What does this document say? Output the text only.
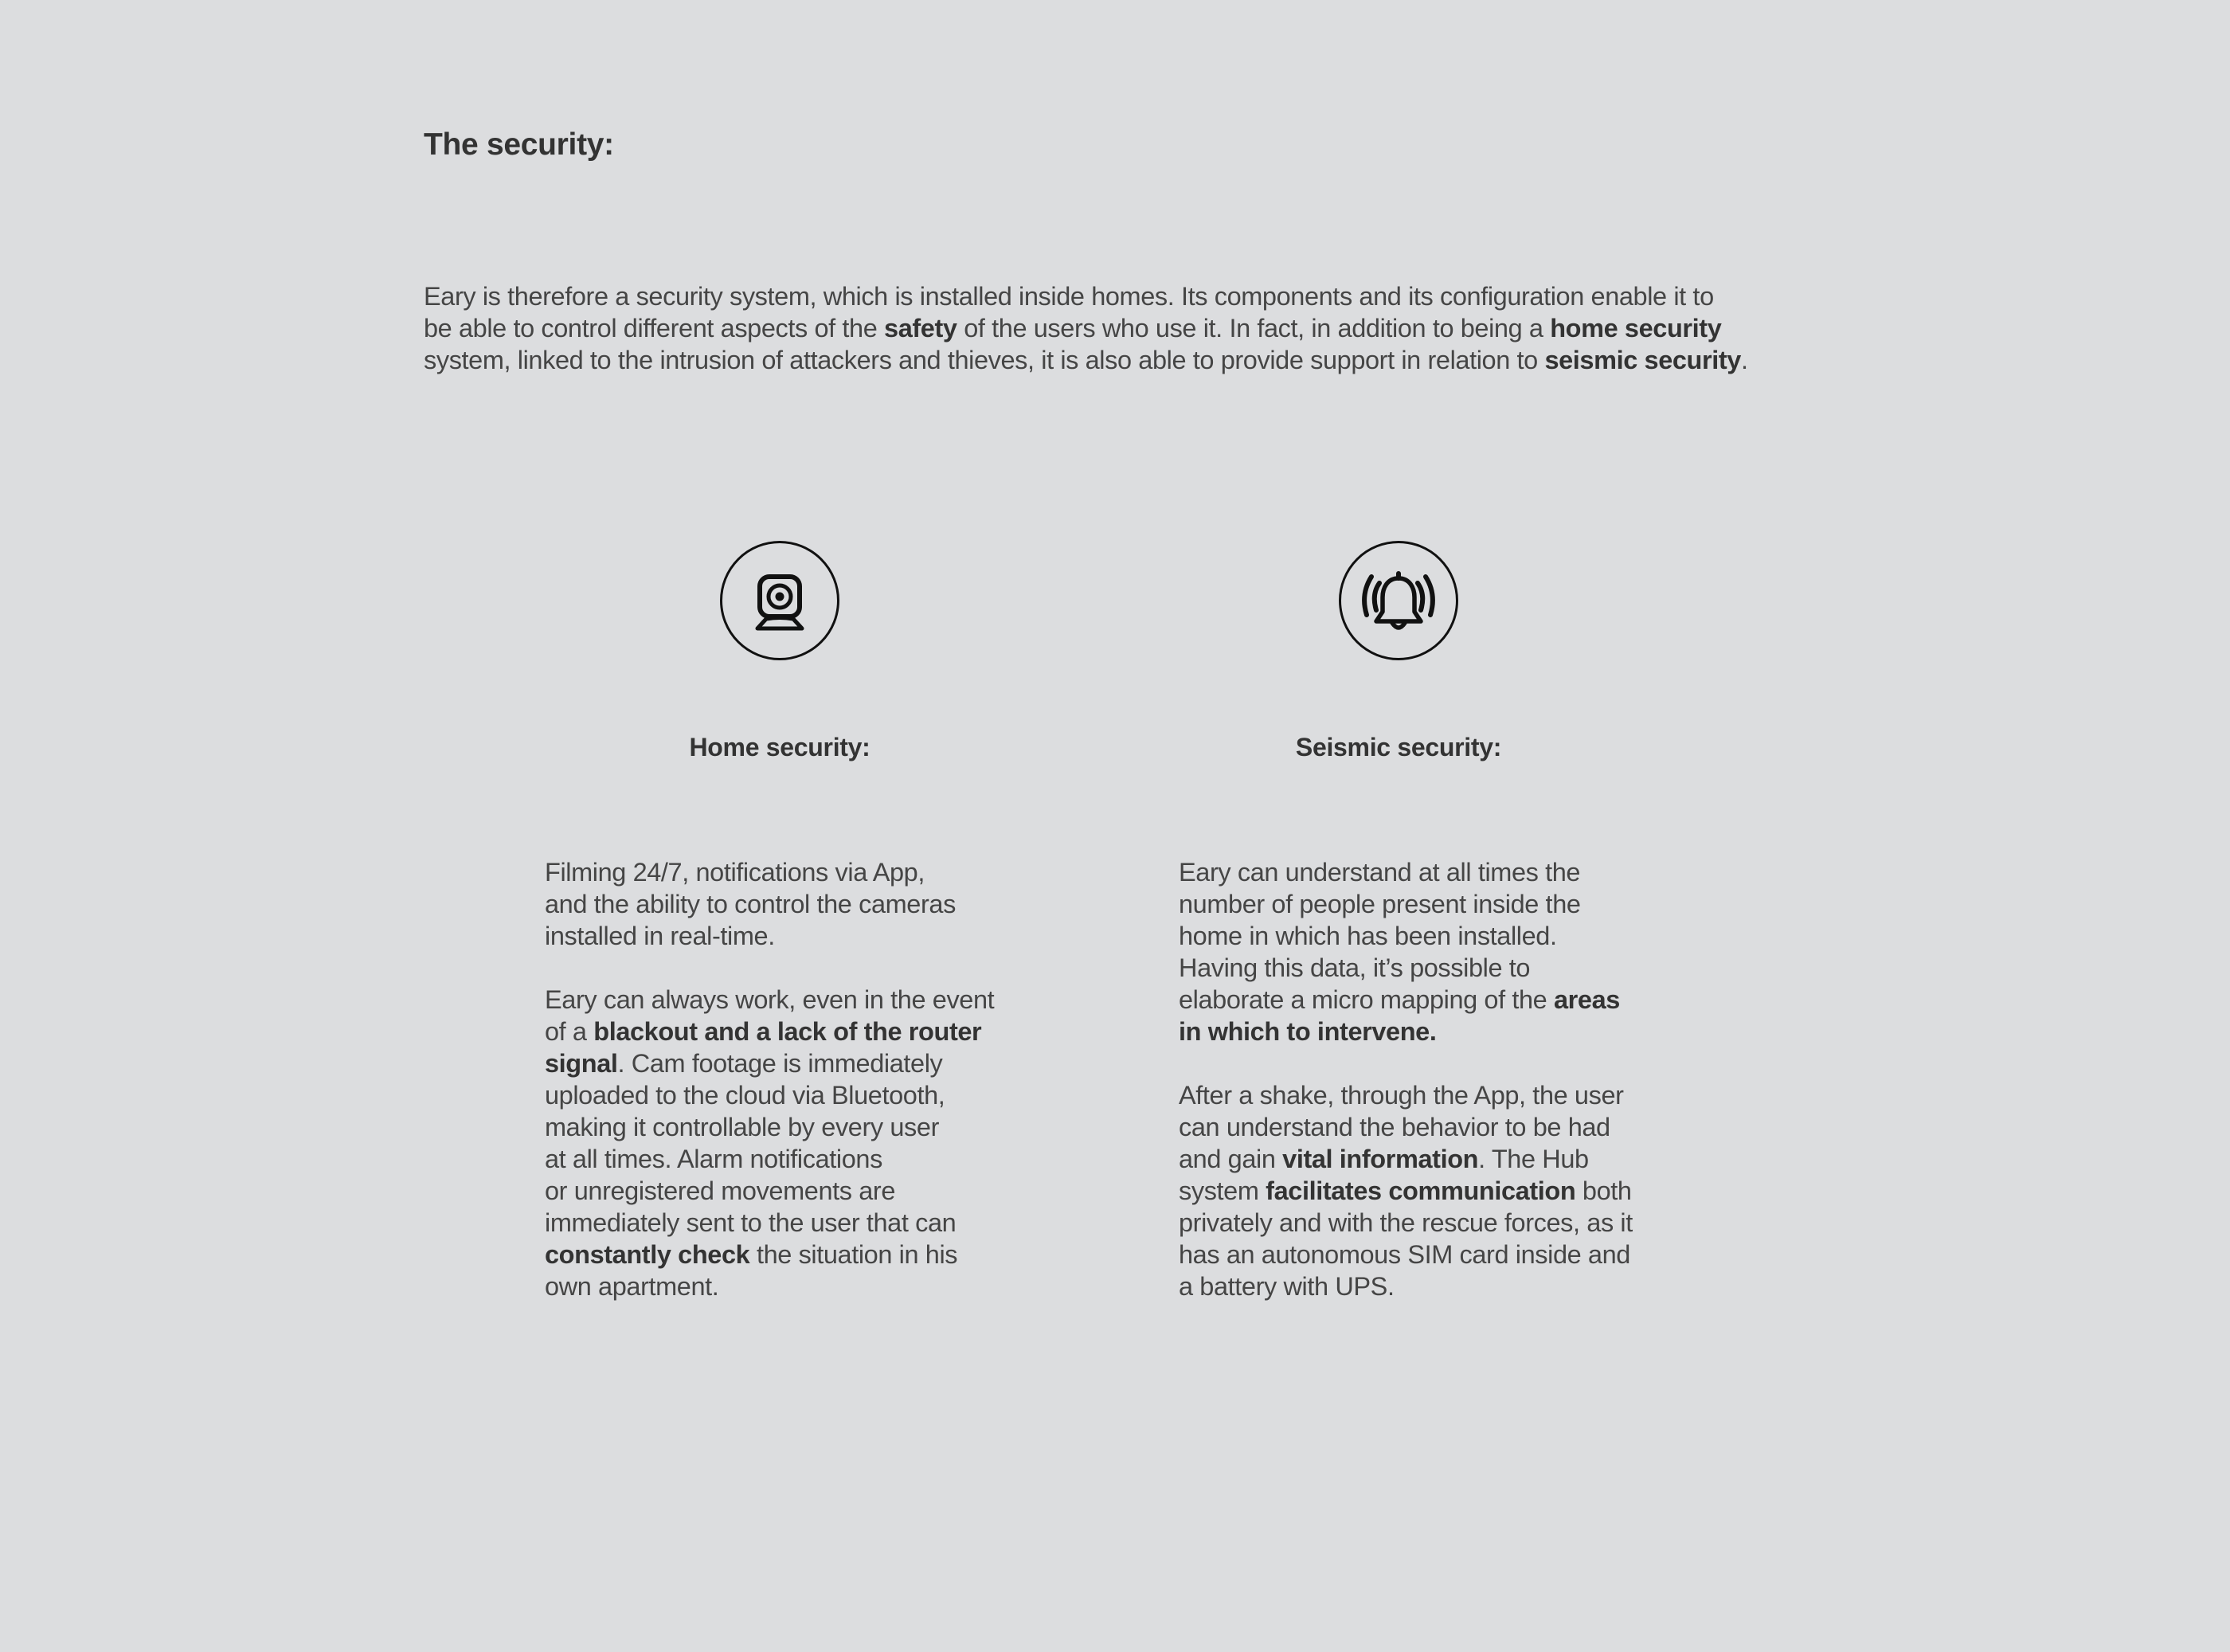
The security:

Eary is therefore a security system, which is installed inside homes. Its components and its configuration enable it to
be able to control different aspects of the safety of the users who use it. In fact, in addition to being a home security
system, linked to the intrusion of attackers and thieves, it is also able to provide support in relation to seismic security.

Home security:

Filming 24/7, notifications via App,
and the ability to control the cameras
installed in real-time.

Eary can always work, even in the event
of a blackout and a lack of the router
signal. Cam footage is immediately
uploaded to the cloud via Bluetooth,
making it controllable by every user
at all times. Alarm notifications
or unregistered movements are
immediately sent to the user that can
constantly check the situation in his
own apartment.

Seismic security:

Eary can understand at all times the
number of people present inside the
home in which has been installed.
Having this data, it’s possible to
elaborate a micro mapping of the areas
in which to intervene.

After a shake, through the App, the user
can understand the behavior to be had
and gain vital information. The Hub
system facilitates communication both
privately and with the rescue forces, as it
has an autonomous SIM card inside and
a battery with UPS.
